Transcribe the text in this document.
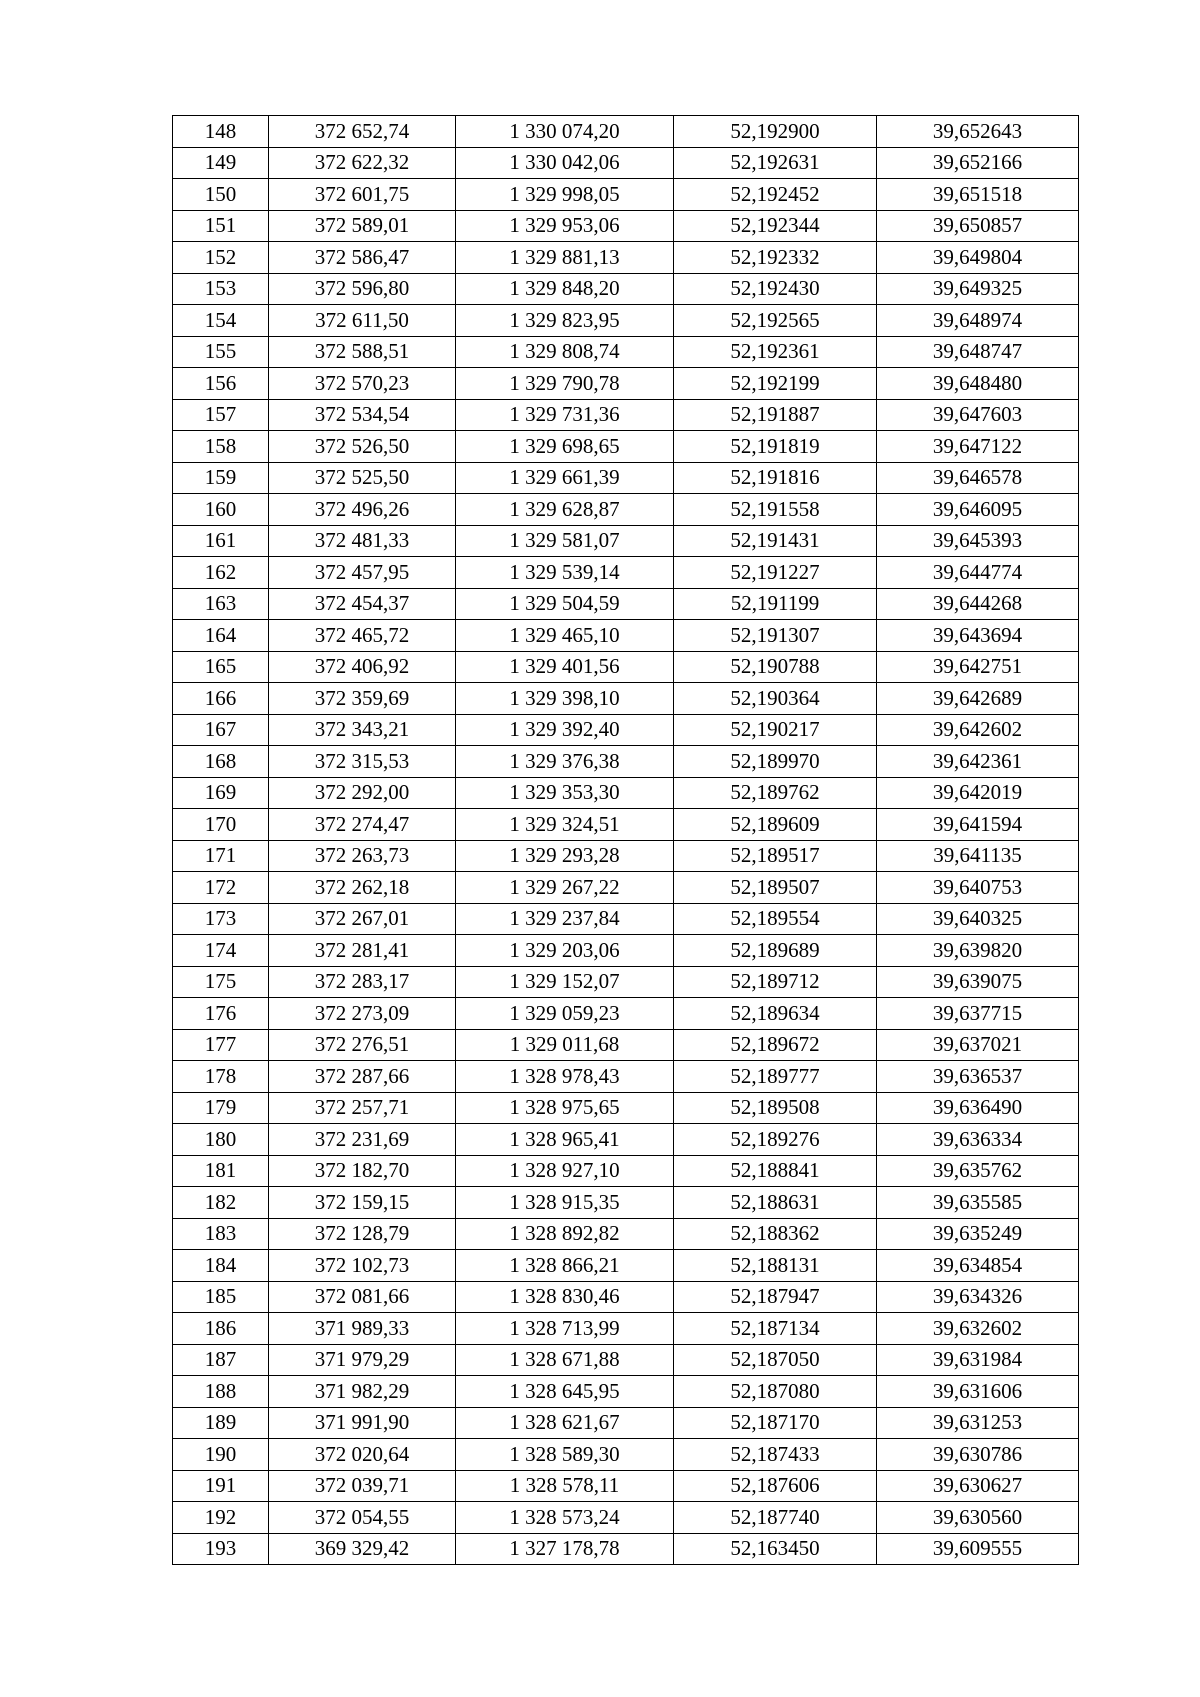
148	372 652,74	1 330 074,20	52,192900	39,652643
149	372 622,32	1 330 042,06	52,192631	39,652166
150	372 601,75	1 329 998,05	52,192452	39,651518
151	372 589,01	1 329 953,06	52,192344	39,650857
152	372 586,47	1 329 881,13	52,192332	39,649804
153	372 596,80	1 329 848,20	52,192430	39,649325
154	372 611,50	1 329 823,95	52,192565	39,648974
155	372 588,51	1 329 808,74	52,192361	39,648747
156	372 570,23	1 329 790,78	52,192199	39,648480
157	372 534,54	1 329 731,36	52,191887	39,647603
158	372 526,50	1 329 698,65	52,191819	39,647122
159	372 525,50	1 329 661,39	52,191816	39,646578
160	372 496,26	1 329 628,87	52,191558	39,646095
161	372 481,33	1 329 581,07	52,191431	39,645393
162	372 457,95	1 329 539,14	52,191227	39,644774
163	372 454,37	1 329 504,59	52,191199	39,644268
164	372 465,72	1 329 465,10	52,191307	39,643694
165	372 406,92	1 329 401,56	52,190788	39,642751
166	372 359,69	1 329 398,10	52,190364	39,642689
167	372 343,21	1 329 392,40	52,190217	39,642602
168	372 315,53	1 329 376,38	52,189970	39,642361
169	372 292,00	1 329 353,30	52,189762	39,642019
170	372 274,47	1 329 324,51	52,189609	39,641594
171	372 263,73	1 329 293,28	52,189517	39,641135
172	372 262,18	1 329 267,22	52,189507	39,640753
173	372 267,01	1 329 237,84	52,189554	39,640325
174	372 281,41	1 329 203,06	52,189689	39,639820
175	372 283,17	1 329 152,07	52,189712	39,639075
176	372 273,09	1 329 059,23	52,189634	39,637715
177	372 276,51	1 329 011,68	52,189672	39,637021
178	372 287,66	1 328 978,43	52,189777	39,636537
179	372 257,71	1 328 975,65	52,189508	39,636490
180	372 231,69	1 328 965,41	52,189276	39,636334
181	372 182,70	1 328 927,10	52,188841	39,635762
182	372 159,15	1 328 915,35	52,188631	39,635585
183	372 128,79	1 328 892,82	52,188362	39,635249
184	372 102,73	1 328 866,21	52,188131	39,634854
185	372 081,66	1 328 830,46	52,187947	39,634326
186	371 989,33	1 328 713,99	52,187134	39,632602
187	371 979,29	1 328 671,88	52,187050	39,631984
188	371 982,29	1 328 645,95	52,187080	39,631606
189	371 991,90	1 328 621,67	52,187170	39,631253
190	372 020,64	1 328 589,30	52,187433	39,630786
191	372 039,71	1 328 578,11	52,187606	39,630627
192	372 054,55	1 328 573,24	52,187740	39,630560
193	369 329,42	1 327 178,78	52,163450	39,609555
